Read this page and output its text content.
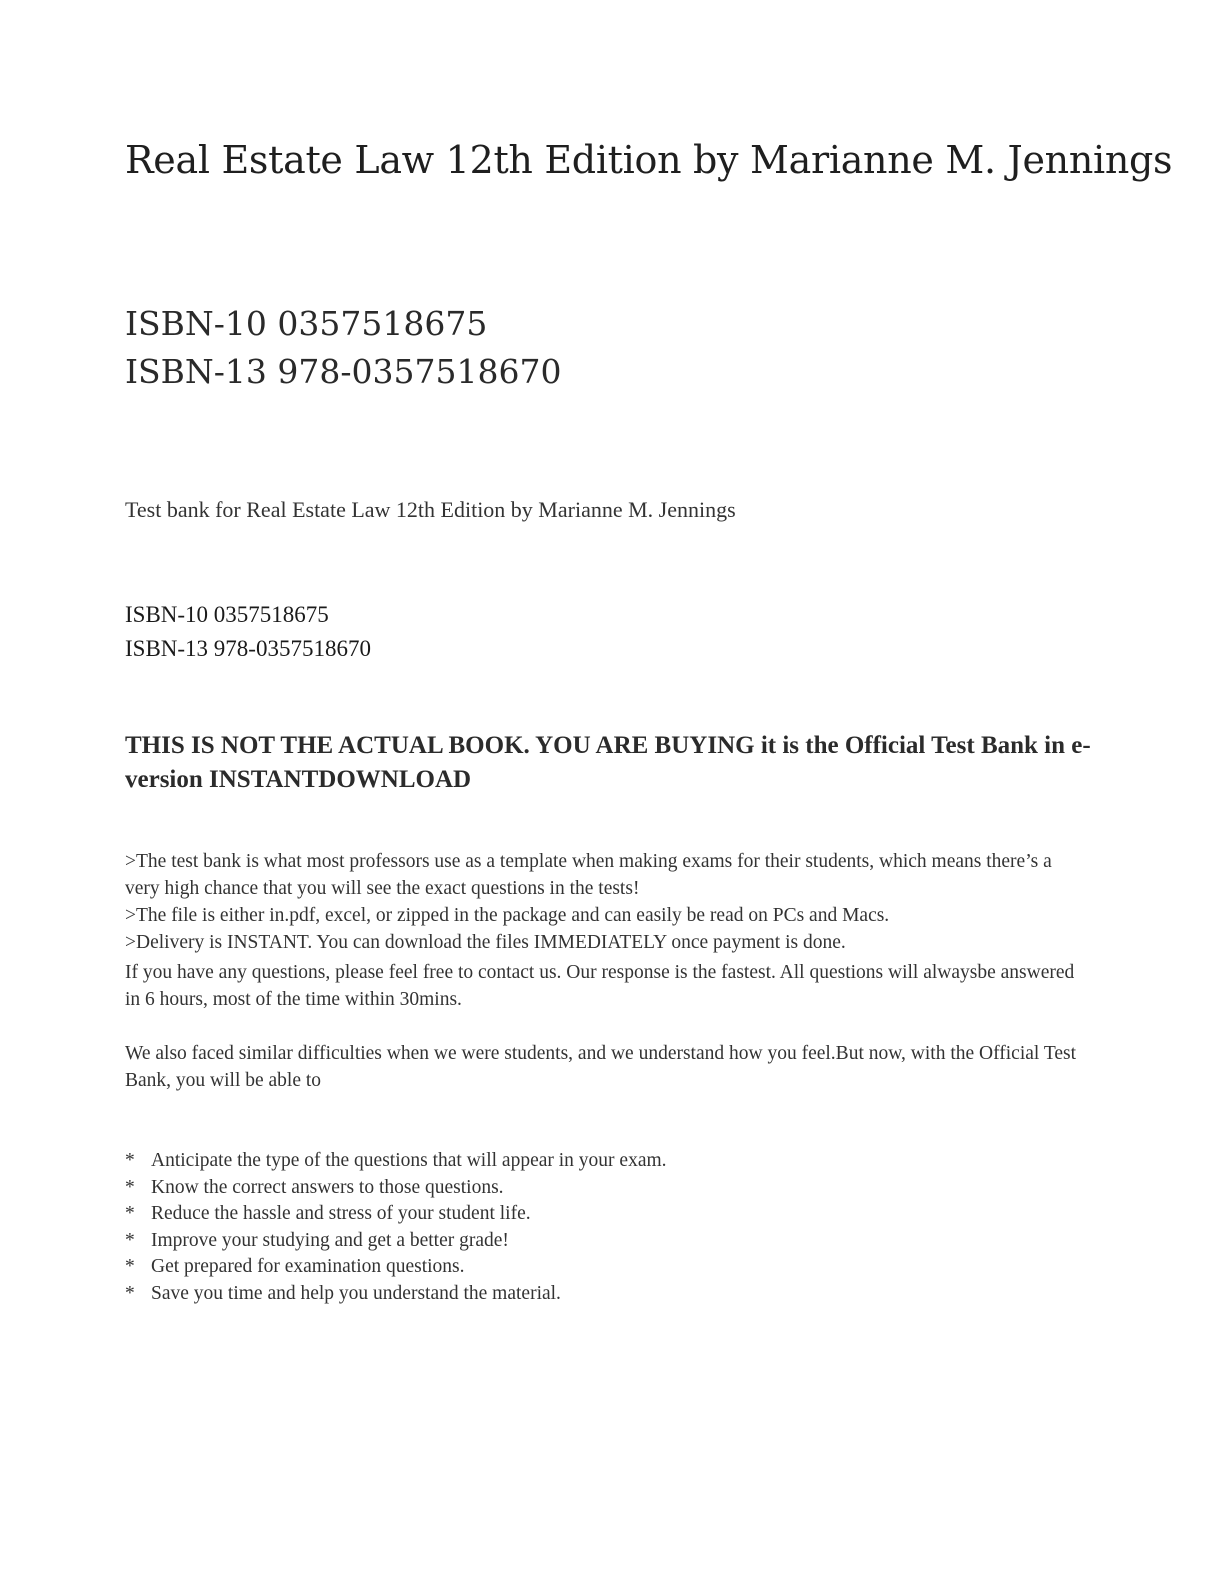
Real Estate Law 12th Edition by Marianne M. Jennings
ISBN-10 0357518675
ISBN-13 978-0357518670
Test bank for Real Estate Law 12th Edition by Marianne M. Jennings
ISBN-10 0357518675
ISBN-13 978-0357518670

THIS IS NOT THE ACTUAL BOOK. YOU ARE BUYING it is the Official Test Bank in e-version INSTANTDOWNLOAD

>The test bank is what most professors use as a template when making exams for their students, which means there’s a very high chance that you will see the exact questions in the tests!

>The file is either in.pdf, excel, or zipped in the package and can easily be read on PCs and Macs.

>Delivery is INSTANT. You can download the files IMMEDIATELY once payment is done.

If you have any questions, please feel free to contact us. Our response is the fastest. All questions will alwaysbe answered in 6 hours, most of the time within 30mins.

We also faced similar difficulties when we were students, and we understand how you feel.But now, with the Official Test Bank, you will be able to

* Anticipate the type of the questions that will appear in your exam.
* Know the correct answers to those questions.
* Reduce the hassle and stress of your student life.
* Improve your studying and get a better grade!
* Get prepared for examination questions.
* Save you time and help you understand the material.
